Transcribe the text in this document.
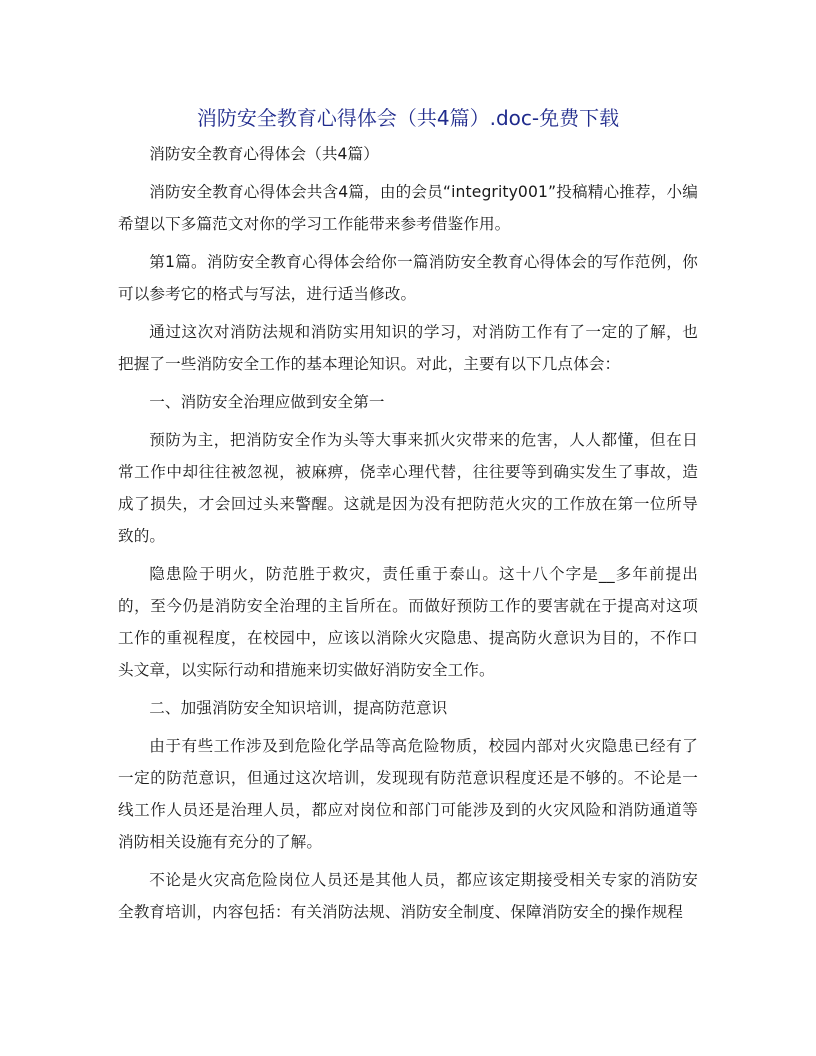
消防安全教育心得体会（共4篇）.doc-免费下载

消防安全教育心得体会（共4篇）

消防安全教育心得体会共含4篇，由的会员“integrity001”投稿精心推荐，小编希望以下多篇范文对你的学习工作能带来参考借鉴作用。

第1篇。消防安全教育心得体会给你一篇消防安全教育心得体会的写作范例，你可以参考它的格式与写法，进行适当修改。

通过这次对消防法规和消防实用知识的学习，对消防工作有了一定的了解，也把握了一些消防安全工作的基本理论知识。对此，主要有以下几点体会：

一、消防安全治理应做到安全第一

预防为主，把消防安全作为头等大事来抓火灾带来的危害，人人都懂，但在日常工作中却往往被忽视，被麻痹，侥幸心理代替，往往要等到确实发生了事故，造成了损失，才会回过头来警醒。这就是因为没有把防范火灾的工作放在第一位所导致的。

隐患险于明火，防范胜于救灾，责任重于泰山。这十八个字是__多年前提出的，至今仍是消防安全治理的主旨所在。而做好预防工作的要害就在于提高对这项工作的重视程度，在校园中，应该以消除火灾隐患、提高防火意识为目的，不作口头文章，以实际行动和措施来切实做好消防安全工作。

二、加强消防安全知识培训，提高防范意识

由于有些工作涉及到危险化学品等高危险物质，校园内部对火灾隐患已经有了一定的防范意识，但通过这次培训，发现现有防范意识程度还是不够的。不论是一线工作人员还是治理人员，都应对岗位和部门可能涉及到的火灾风险和消防通道等消防相关设施有充分的了解。

不论是火灾高危险岗位人员还是其他人员，都应该定期接受相关专家的消防安全教育培训，内容包括：有关消防法规、消防安全制度、保障消防安全的操作规程
